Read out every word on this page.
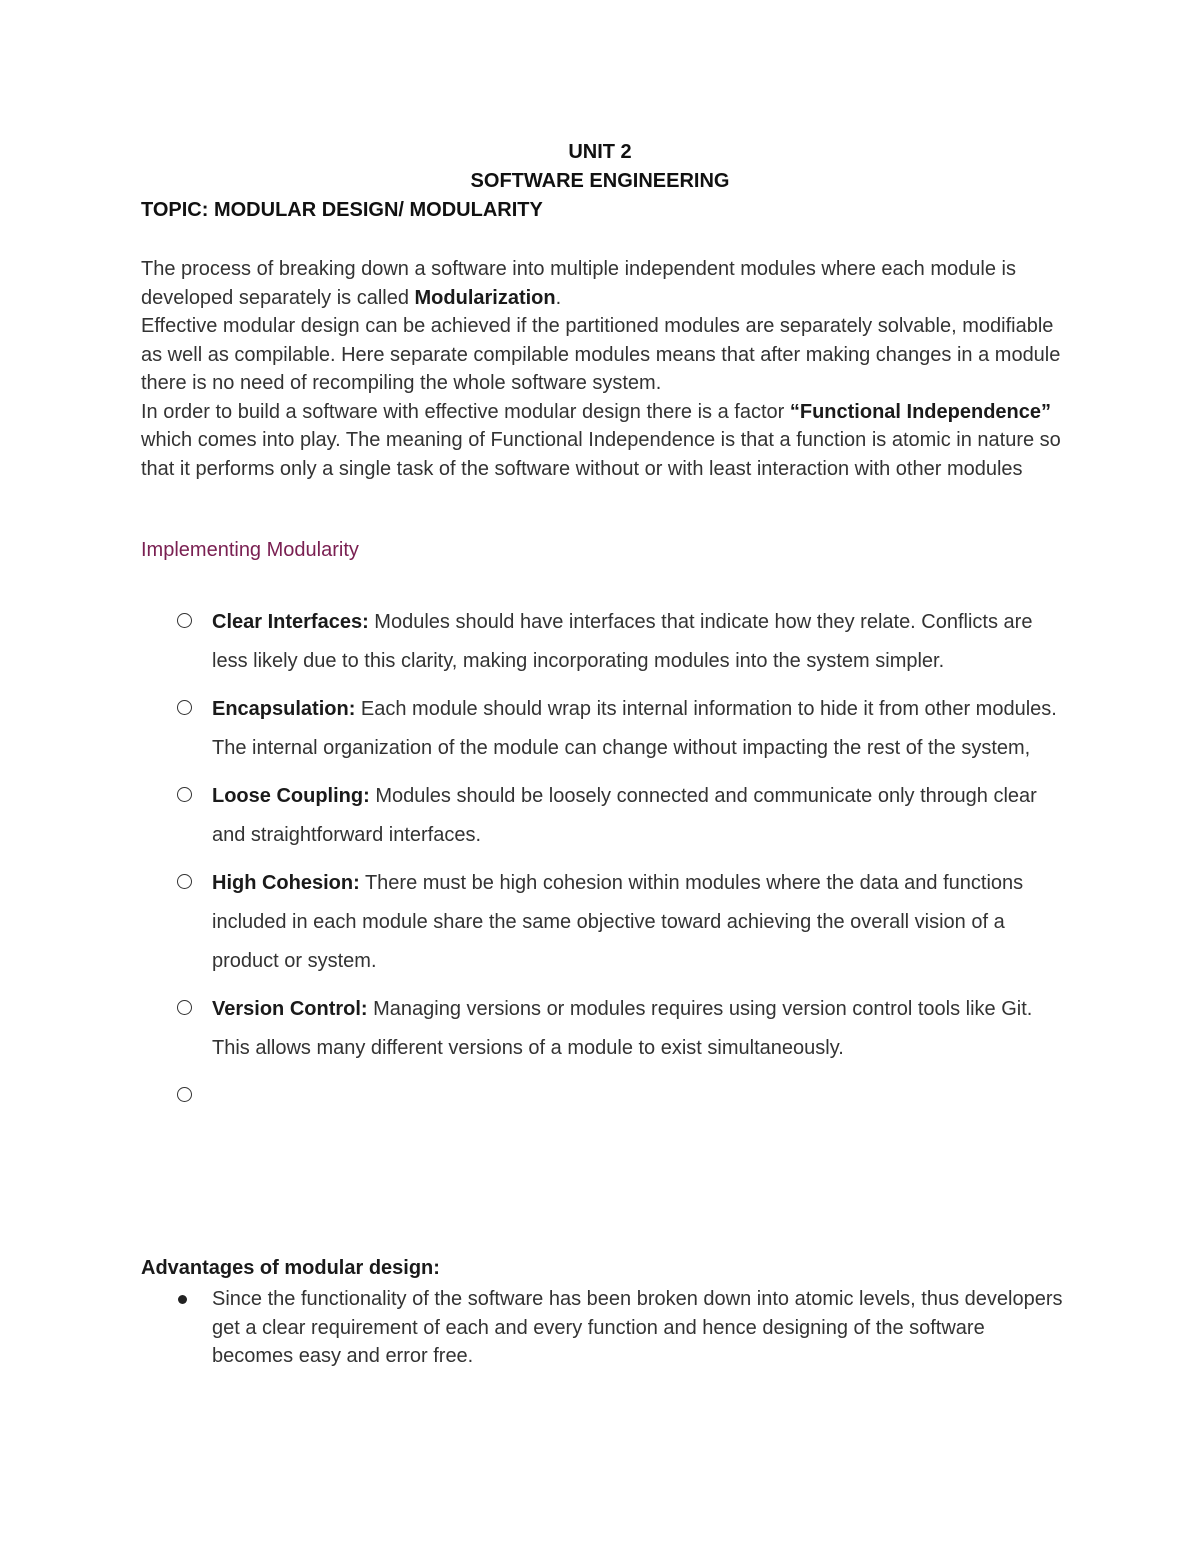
UNIT 2
SOFTWARE ENGINEERING
TOPIC: MODULAR DESIGN/ MODULARITY

The process of breaking down a software into multiple independent modules where each module is developed separately is called Modularization.

Effective modular design can be achieved if the partitioned modules are separately solvable, modifiable as well as compilable. Here separate compilable modules means that after making changes in a module there is no need of recompiling the whole software system.

In order to build a software with effective modular design there is a factor “Functional Independence” which comes into play. The meaning of Functional Independence is that a function is atomic in nature so that it performs only a single task of the software without or with least interaction with other modules

Implementing Modularity
Clear Interfaces: Modules should have interfaces that indicate how they relate. Conflicts are less likely due to this clarity, making incorporating modules into the system simpler.
Encapsulation: Each module should wrap its internal information to hide it from other modules. The internal organization of the module can change without impacting the rest of the system,
Loose Coupling: Modules should be loosely connected and communicate only through clear and straightforward interfaces.
High Cohesion: There must be high cohesion within modules where the data and functions included in each module share the same objective toward achieving the overall vision of a product or system.
Version Control: Managing versions or modules requires using version control tools like Git. This allows many different versions of a module to exist simultaneously.
Advantages of modular design:
Since the functionality of the software has been broken down into atomic levels, thus developers get a clear requirement of each and every function and hence designing of the software becomes easy and error free.
